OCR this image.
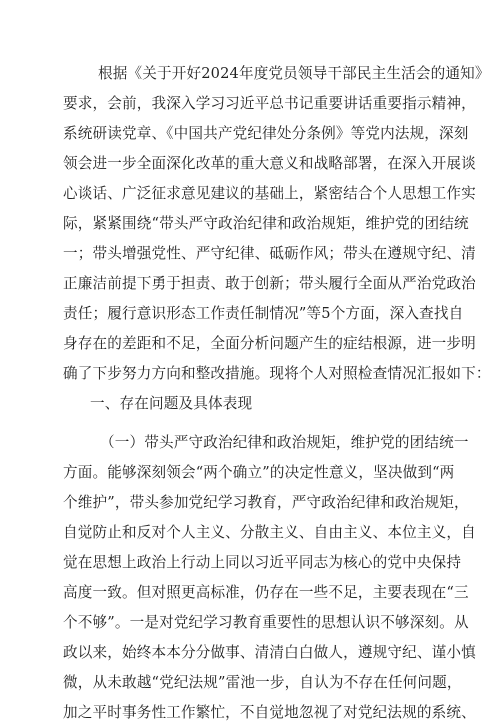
根据《关于开好2024年度党员领导干部民主生活会的通知》
要求，会前，我深入学习习近平总书记重要讲话重要指示精神，
系统研读党章、《中国共产党纪律处分条例》等党内法规，深刻
领会进一步全面深化改革的重大意义和战略部署，在深入开展谈
心谈话、广泛征求意见建议的基础上，紧密结合个人思想工作实
际，紧紧围绕“带头严守政治纪律和政治规矩，维护党的团结统
一；带头增强党性、严守纪律、砥砺作风；带头在遵规守纪、清
正廉洁前提下勇于担责、敢于创新；带头履行全面从严治党政治
责任；履行意识形态工作责任制情况”等5个方面，深入查找自
身存在的差距和不足，全面分析问题产生的症结根源，进一步明
确了下步努力方向和整改措施。现将个人对照检查情况汇报如下：
一、存在问题及具体表现
（一）带头严守政治纪律和政治规矩，维护党的团结统一
方面。能够深刻领会“两个确立”的决定性意义，坚决做到“两
个维护”，带头参加党纪学习教育，严守政治纪律和政治规矩，
自觉防止和反对个人主义、分散主义、自由主义、本位主义，自
觉在思想上政治上行动上同以习近平同志为核心的党中央保持
高度一致。但对照更高标准，仍存在一些不足，主要表现在“三
个不够”。一是对党纪学习教育重要性的思想认识不够深刻。从
政以来，始终本本分分做事、清清白白做人，遵规守纪、谨小慎
微，从未敢越“党纪法规”雷池一步，自认为不存在任何问题，
加之平时事务性工作繁忙，不自觉地忽视了对党纪法规的系统、
